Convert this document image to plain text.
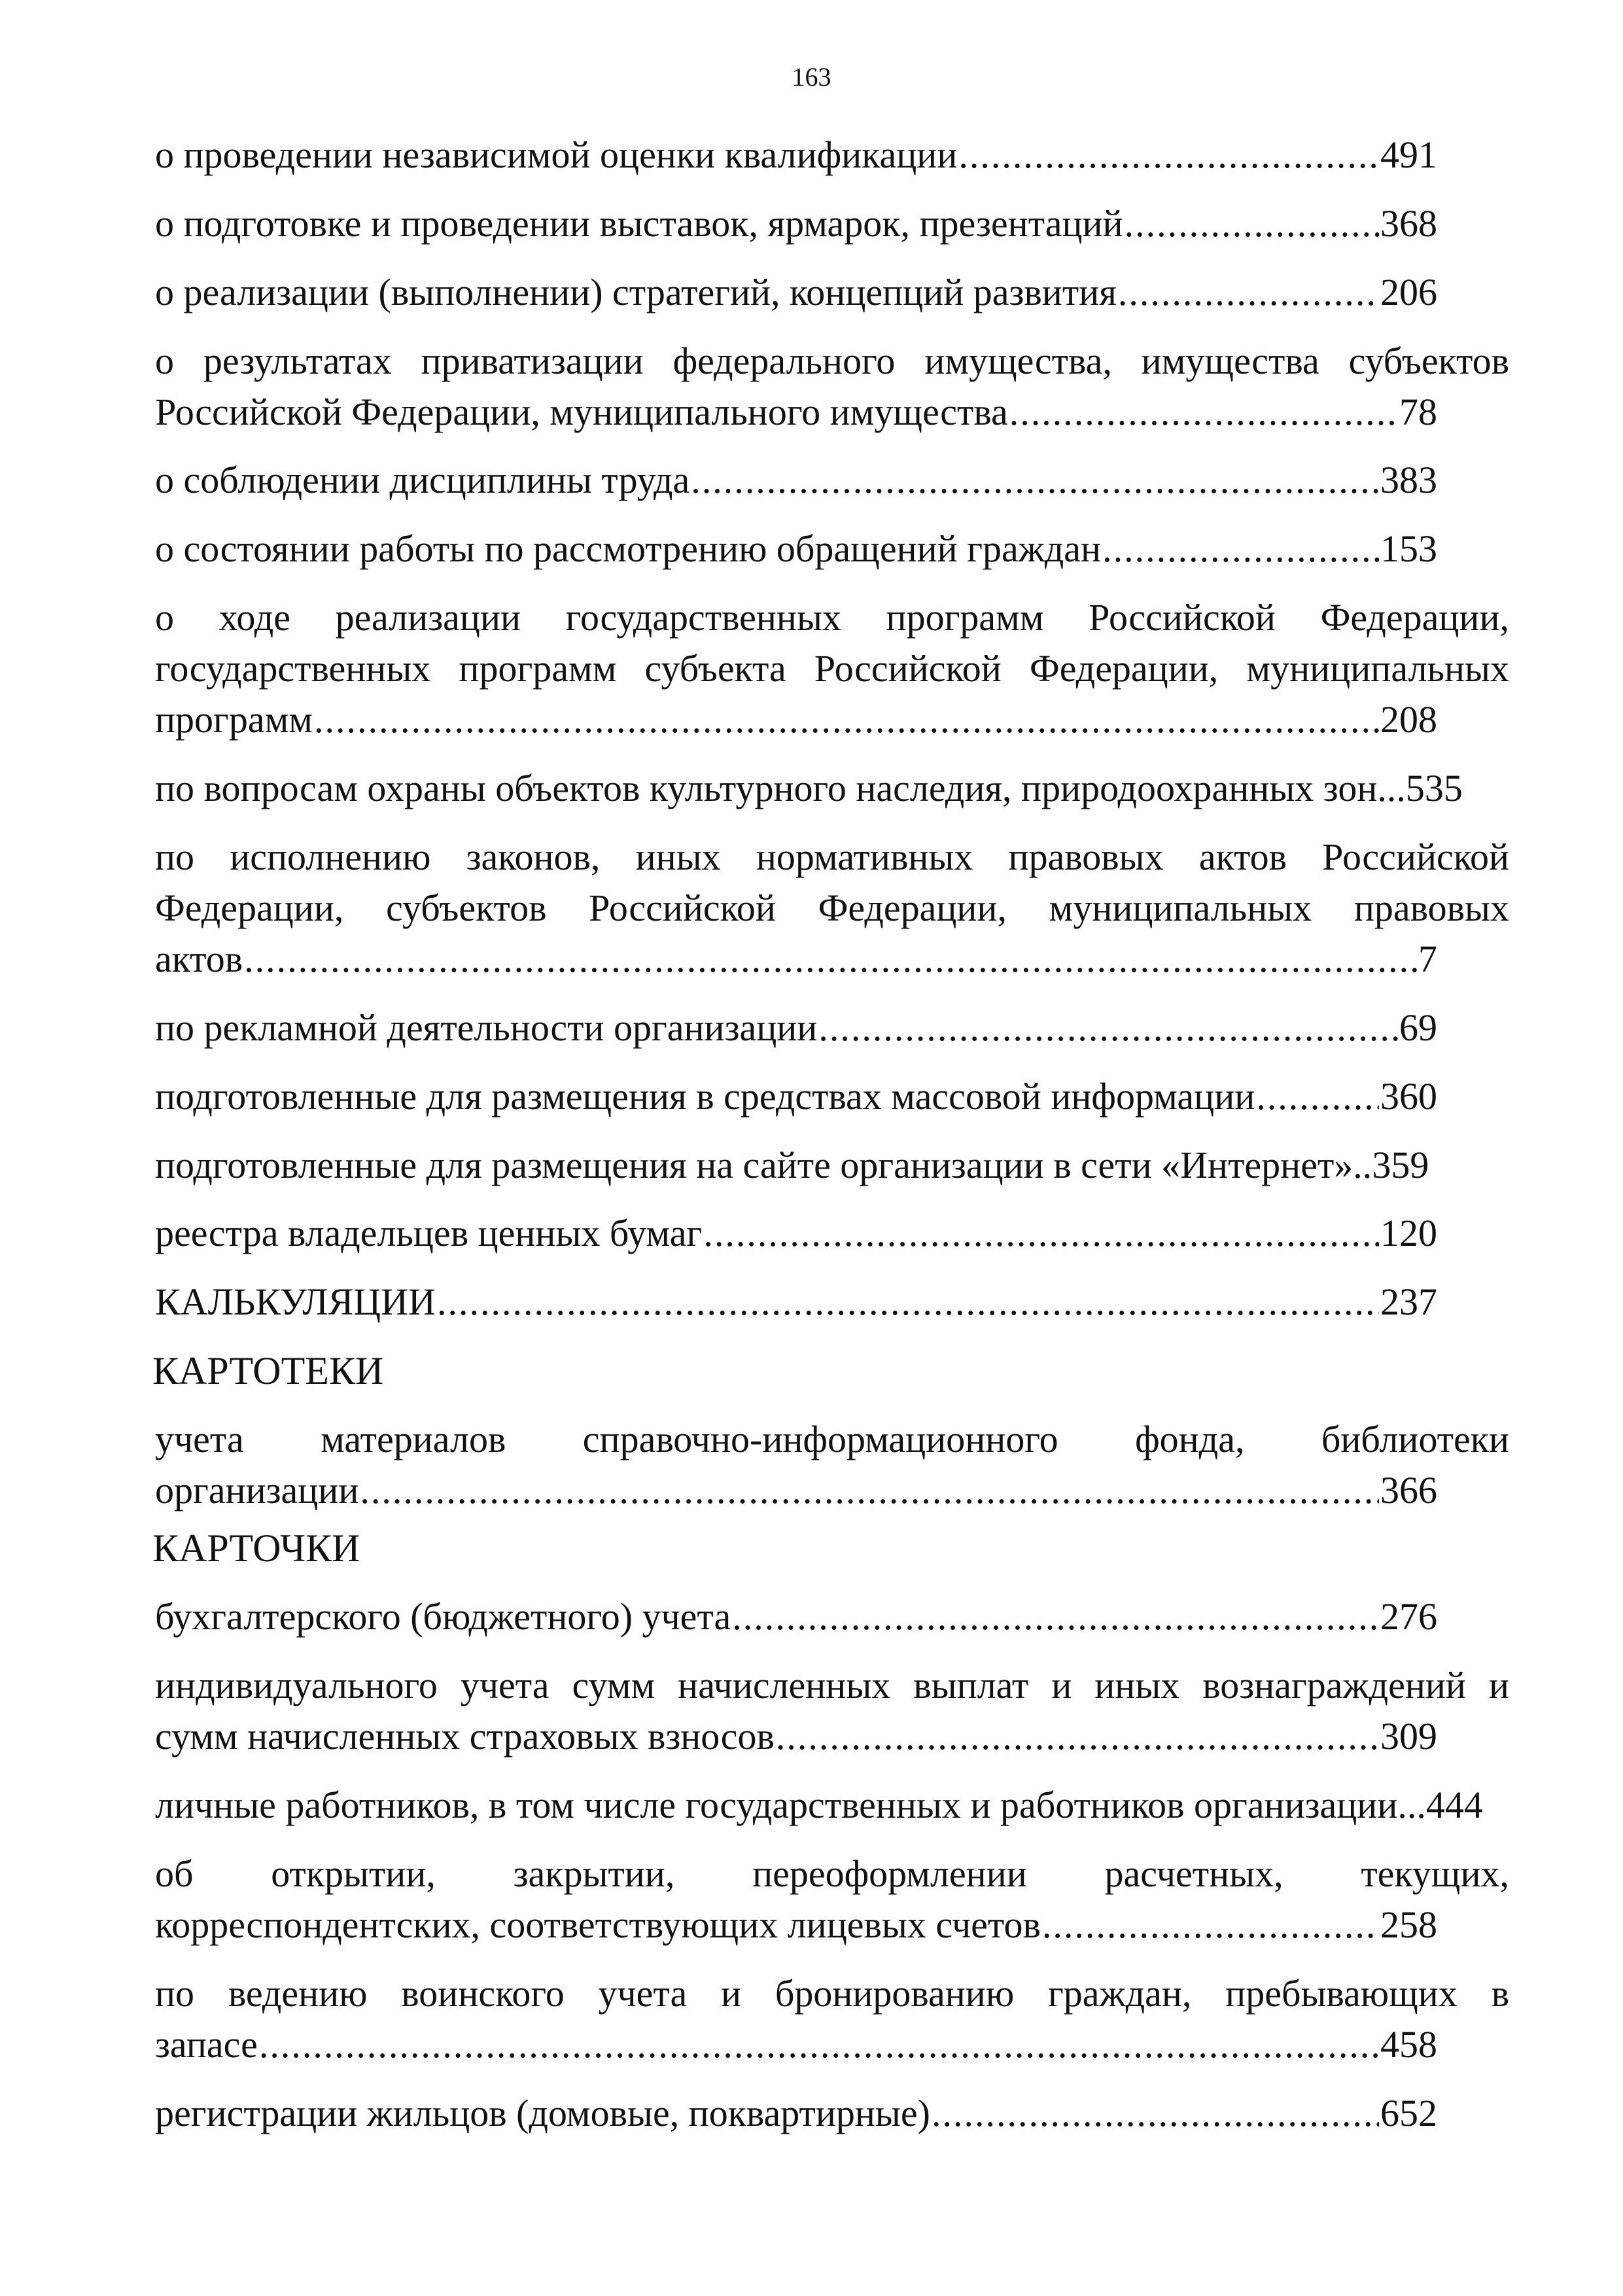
163
о проведении независимой оценки квалификации .....	491
о подготовке и проведении выставок, ярмарок, презентаций .....	368
о реализации (выполнении) стратегий, концепций развития .....	206
о результатах приватизации федерального имущества, имущества субъектов
Российской Федерации, муниципального имущества .....	78
о соблюдении дисциплины труда .....	383
о состоянии работы по рассмотрению обращений граждан .....	153
о ходе реализации государственных программ Российской Федерации,
государственных программ субъекта Российской Федерации, муниципальных
программ .....	208
по вопросам охраны объектов культурного наследия, природоохранных зон... 535
по исполнению законов, иных нормативных правовых актов Российской
Федерации, субъектов Российской Федерации, муниципальных правовых
актов .....	7
по рекламной деятельности организации .....	69
подготовленные для размещения в средствах массовой информации .....	360
подготовленные для размещения на сайте организации в сети «Интернет».. 359
реестра владельцев ценных бумаг .....	120
КАЛЬКУЛЯЦИИ .....	237
КАРТОТЕКИ
учета материалов справочно-информационного фонда, библиотеки
организации .....	366
КАРТОЧКИ
бухгалтерского (бюджетного) учета .....	276
индивидуального учета сумм начисленных выплат и иных вознаграждений и
сумм начисленных страховых взносов .....	309
личные работников, в том числе государственных и работников организации... 444
об открытии, закрытии, переоформлении расчетных, текущих,
корреспондентских, соответствующих лицевых счетов .....	258
по ведению воинского учета и бронированию граждан, пребывающих в
запасе .....	458
регистрации жильцов (домовые, поквартирные) .....	652
